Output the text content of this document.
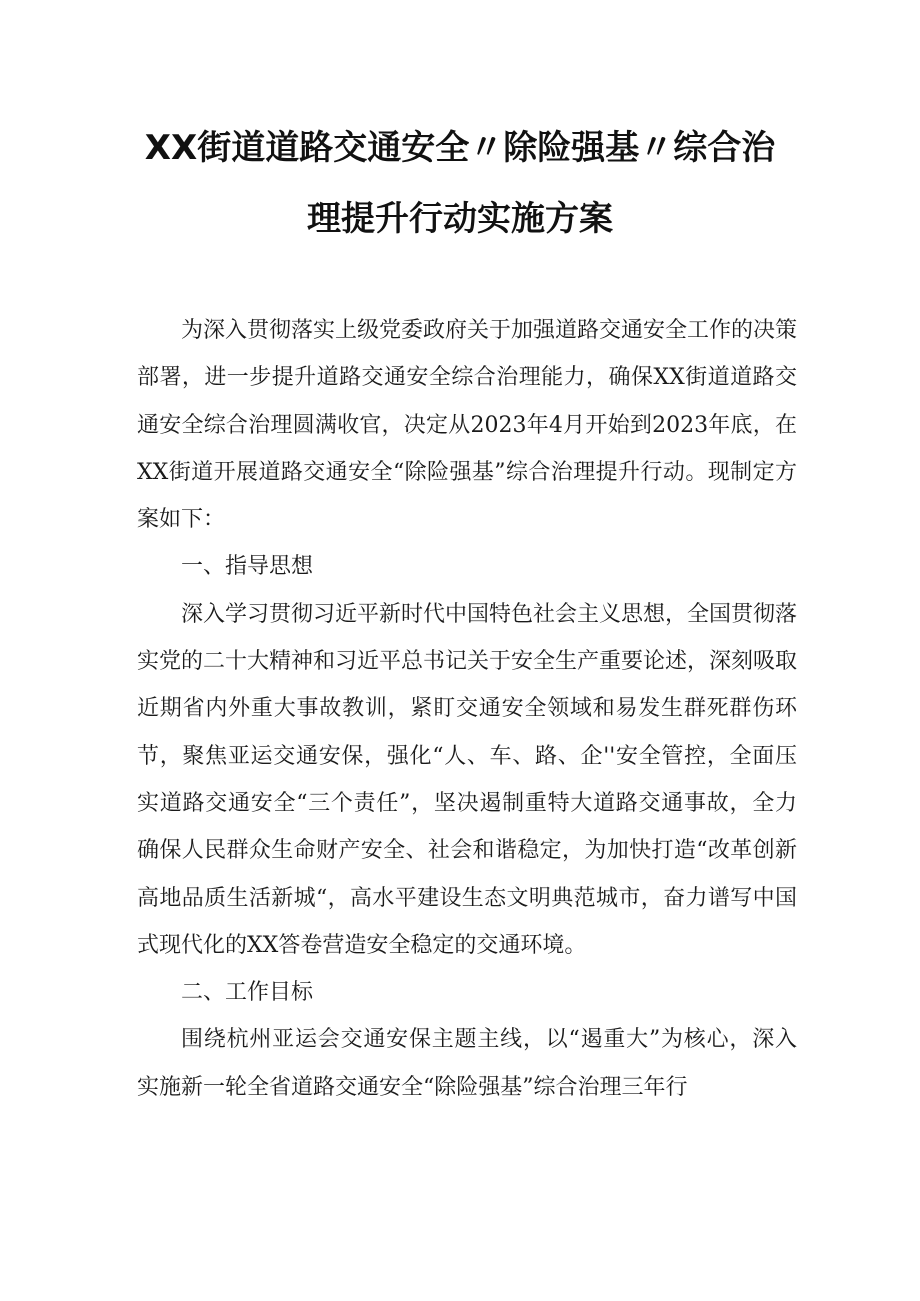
XX街道道路交通安全〃除险强基〃综合治
理提升行动实施方案

为深入贯彻落实上级党委政府关于加强道路交通安全工作的决策部署，进一步提升道路交通安全综合治理能力，确保XX街道道路交通安全综合治理圆满收官，决定从2023年4月开始到2023年底，在XX街道开展道路交通安全“除险强基”综合治理提升行动。现制定方案如下：

一、指导思想

深入学习贯彻习近平新时代中国特色社会主义思想，全国贯彻落实党的二十大精神和习近平总书记关于安全生产重要论述，深刻吸取近期省内外重大事故教训，紧盯交通安全领域和易发生群死群伤环节，聚焦亚运交通安保，强化“人、车、路、企''安全管控，全面压实道路交通安全“三个责任”，坚决遏制重特大道路交通事故，全力确保人民群众生命财产安全、社会和谐稳定，为加快打造“改革创新高地品质生活新城“，高水平建设生态文明典范城市，奋力谱写中国式现代化的XX答卷营造安全稳定的交通环境。

二、工作目标

围绕杭州亚运会交通安保主题主线，以“遏重大”为核心，深入实施新一轮全省道路交通安全“除险强基”综合治理三年行
